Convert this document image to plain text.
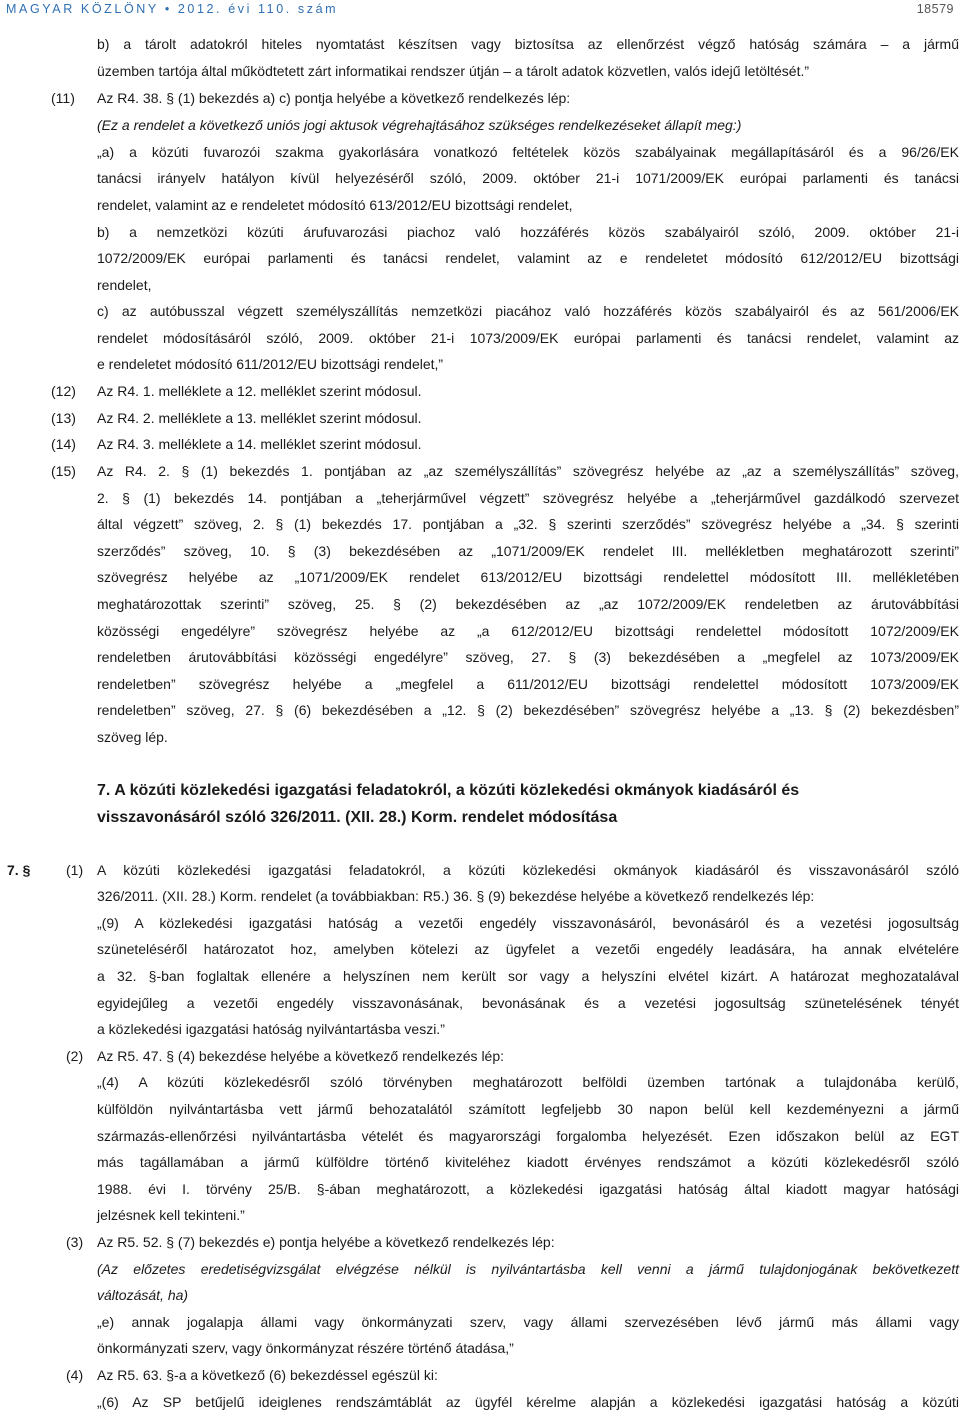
MAGYAR KÖZLÖNY • 2012. évi 110. szám	18579
b) a tárolt adatokról hiteles nyomtatást készítsen vagy biztosítsa az ellenőrzést végző hatóság számára – a jármű
üzemben tartója által működtetett zárt informatikai rendszer útján – a tárolt adatok közvetlen, valós idejű letöltését.”
(11) Az R4. 38. § (1) bekezdés a) c) pontja helyébe a következő rendelkezés lép:
(Ez a rendelet a következő uniós jogi aktusok végrehajtásához szükséges rendelkezéseket állapít meg:)
„a) a közúti fuvarozói szakma gyakorlására vonatkozó feltételek közös szabályainak megállapításáról és a 96/26/EK
tanácsi irányelv hatályon kívül helyezéséről szóló, 2009. október 21-i 1071/2009/EK európai parlamenti és tanácsi
rendelet, valamint az e rendeletet módosító 613/2012/EU bizottsági rendelet,
b) a nemzetközi közúti árufuvarozási piachoz való hozzáférés közös szabályairól szóló, 2009. október 21-i
1072/2009/EK európai parlamenti és tanácsi rendelet, valamint az e rendeletet módosító 612/2012/EU bizottsági
rendelet,
c) az autóbusszal végzett személyszállítás nemzetközi piacához való hozzáférés közös szabályairól és az 561/2006/EK
rendelet módosításáról szóló, 2009. október 21-i 1073/2009/EK európai parlamenti és tanácsi rendelet, valamint az
e rendeletet módosító 611/2012/EU bizottsági rendelet,”
(12) Az R4. 1. melléklete a 12. melléklet szerint módosul.
(13) Az R4. 2. melléklete a 13. melléklet szerint módosul.
(14) Az R4. 3. melléklete a 14. melléklet szerint módosul.
(15) Az R4. 2. § (1) bekezdés 1. pontjában az „az személyszállítás” szövegrész helyébe az „az a személyszállítás” szöveg,
2. § (1) bekezdés 14. pontjában a „teherjárművel végzett” szövegrész helyébe a „teherjárművel gazdálkodó szervezet
által végzett” szöveg, 2. § (1) bekezdés 17. pontjában a „32. § szerinti szerződés” szövegrész helyébe a „34. § szerinti
szerződés” szöveg, 10. § (3) bekezdésében az „1071/2009/EK rendelet III. mellékletben meghatározott szerinti”
szövegrész helyébe az „1071/2009/EK rendelet 613/2012/EU bizottsági rendelettel módosított III. mellékletében
meghatározottak szerinti” szöveg, 25. § (2) bekezdésében az „az 1072/2009/EK rendeletben az árutovábbítási
közösségi engedélyre” szövegrész helyébe az „a 612/2012/EU bizottsági rendelettel módosított 1072/2009/EK
rendeletben árutovábbítási közösségi engedélyre” szöveg, 27. § (3) bekezdésében a „megfelel az 1073/2009/EK
rendeletben” szövegrész helyébe a „megfelel a 611/2012/EU bizottsági rendelettel módosított 1073/2009/EK
rendeletben” szöveg, 27. § (6) bekezdésében a „12. § (2) bekezdésében” szövegrész helyébe a „13. § (2) bekezdésben”
szöveg lép.
7. A közúti közlekedési igazgatási feladatokról, a közúti közlekedési okmányok kiadásáról és
visszavonásáról szóló 326/2011. (XII. 28.) Korm. rendelet módosítása
7. §	(1) A közúti közlekedési igazgatási feladatokról, a közúti közlekedési okmányok kiadásáról és visszavonásáról szóló
326/2011. (XII. 28.) Korm. rendelet (a továbbiakban: R5.) 36. § (9) bekezdése helyébe a következő rendelkezés lép:
„(9) A közlekedési igazgatási hatóság a vezetői engedély visszavonásáról, bevonásáról és a vezetési jogosultság
szüneteléséről határozatot hoz, amelyben kötelezi az ügyfelet a vezetői engedély leadására, ha annak elvételére
a 32. §-ban foglaltak ellenére a helyszínen nem került sor vagy a helyszíni elvétel kizárt. A határozat meghozatalával
egyidejűleg a vezetői engedély visszavonásának, bevonásának és a vezetési jogosultság szünetelésének tényét
a közlekedési igazgatási hatóság nyilvántartásba veszi.”
(2) Az R5. 47. § (4) bekezdése helyébe a következő rendelkezés lép:
„(4) A közúti közlekedésről szóló törvényben meghatározott belföldi üzemben tartónak a tulajdonába kerülő,
külföldön nyilvántartásba vett jármű behozatalától számított legfeljebb 30 napon belül kell kezdeményezni a jármű
származás-ellenőrzési nyilvántartásba vételét és magyarországi forgalomba helyezését. Ezen időszakon belül az EGT
más tagállamában a jármű külföldre történő kiviteléhez kiadott érvényes rendszámot a közúti közlekedésről szóló
1988. évi I. törvény 25/B. §-ában meghatározott, a közlekedési igazgatási hatóság által kiadott magyar hatósági
jelzésnek kell tekinteni.”
(3) Az R5. 52. § (7) bekezdés e) pontja helyébe a következő rendelkezés lép:
(Az előzetes eredetiségvizsgálat elvégzése nélkül is nyilvántartásba kell venni a jármű tulajdonjogának bekövetkezett
változását, ha)
„e) annak jogalapja állami vagy önkormányzati szerv, vagy állami szervezésében lévő jármű más állami vagy
önkormányzati szerv, vagy önkormányzat részére történő átadása,”
(4) Az R5. 63. §-a a következő (6) bekezdéssel egészül ki:
„(6) Az SP betűjelű ideiglenes rendszámtáblát az ügyfél kérelme alapján a közlekedési igazgatási hatóság a közúti
